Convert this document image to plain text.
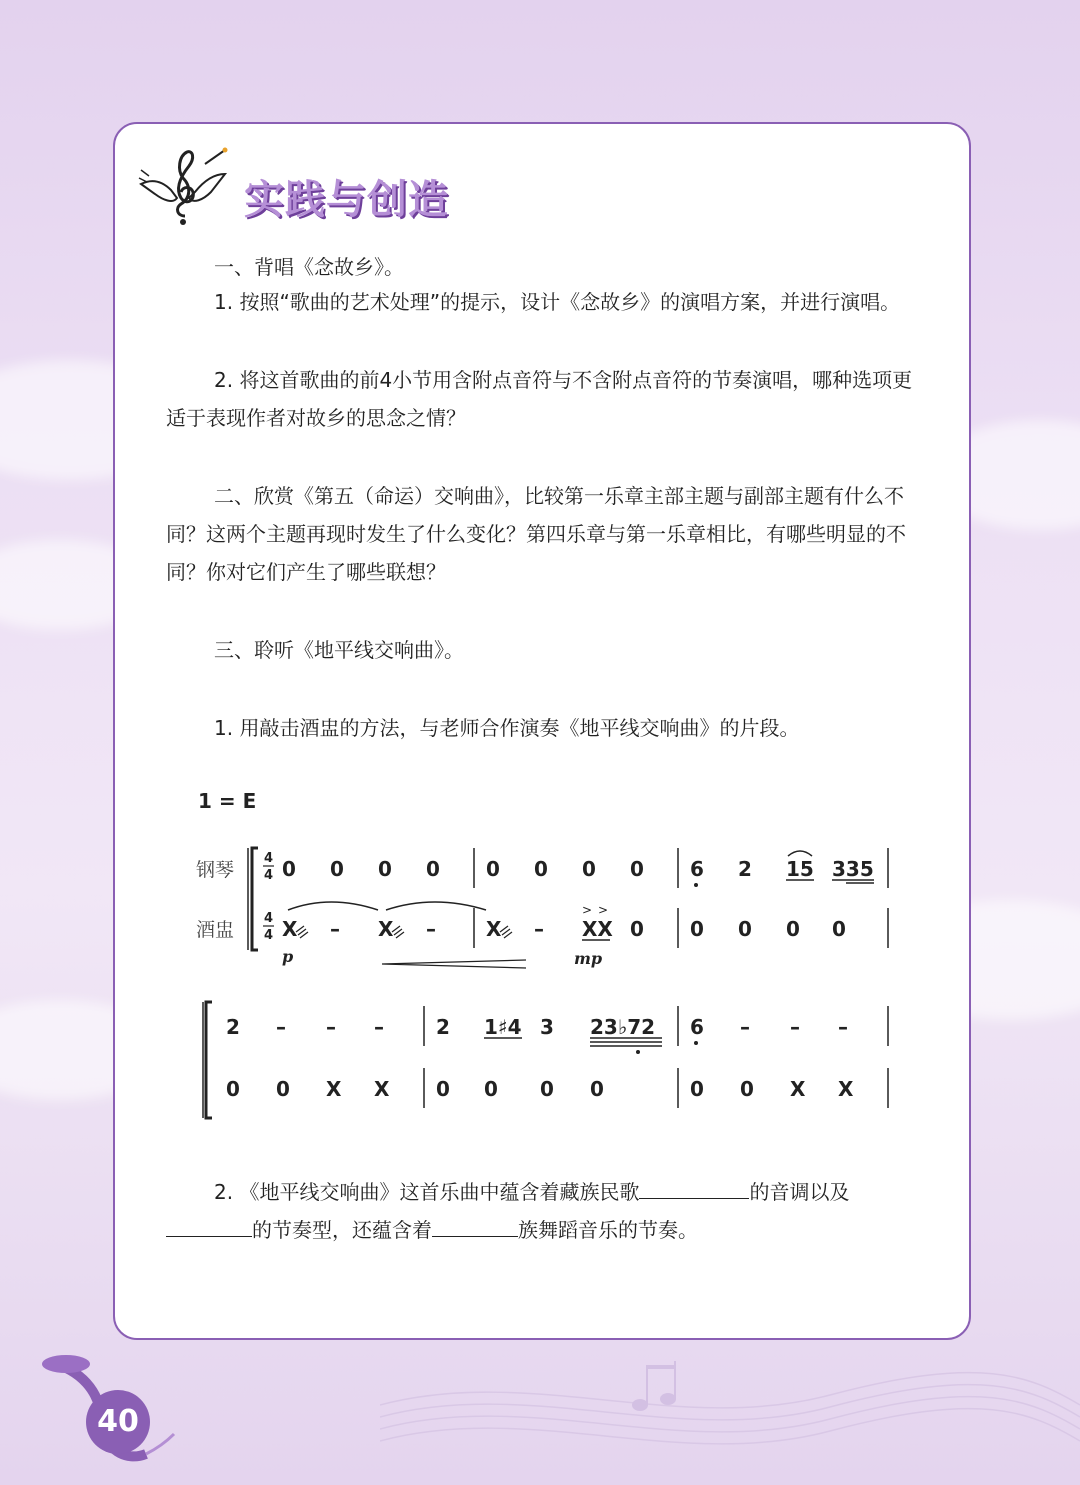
实践与创造

一、背唱《念故乡》。

1. 按照“歌曲的艺术处理”的提示，设计《念故乡》的演唱方案，并进行演唱。

2. 将这首歌曲的前4小节用含附点音符与不含附点音符的节奏演唱，哪种选项更适于表现作者对故乡的思念之情？

二、欣赏《第五（命运）交响曲》，比较第一乐章主部主题与副部主题有什么不同？这两个主题再现时发生了什么变化？第四乐章与第一乐章相比，有哪些明显的不同？你对它们产生了哪些联想？

三、聆听《地平线交响曲》。

1. 用敲击酒盅的方法，与老师合作演奏《地平线交响曲》的片段。

1 = E
钢琴
酒盅
4
4
4
4
0 0 0 0 0 0 0 0 6 2 15 335
X – X –	X – XX 0 0 0 0 0
> >
p	mp
2 – – –	2 1♯4 3 23♭72 6 – – –
0 0 X X 0 0 0 0	0 0 X X

2. 《地平线交响曲》这首乐曲中蕴含着藏族民歌	的音调以及的节奏型，还蕴含着	族舞蹈音乐的节奏。

40
